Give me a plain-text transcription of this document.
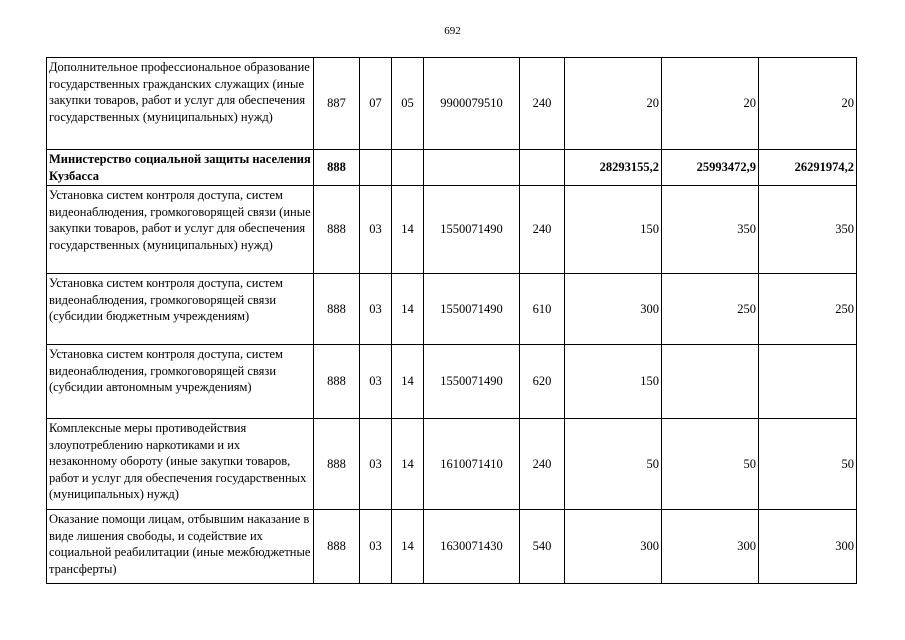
692
Дополнительное профессиональное образование государственных гражданских служащих (иные закупки товаров, работ и услуг для обеспечения государственных (муниципальных) нужд)	887	07	05	9900079510	240	20	20	20
Министерство социальной защиты населения Кузбасса	888					28293155,2	25993472,9	26291974,2
Установка систем контроля доступа, систем видеонаблюдения, громкоговорящей связи (иные закупки товаров, работ и услуг для обеспечения государственных (муниципальных) нужд)	888	03	14	1550071490	240	150	350	350
Установка систем контроля доступа, систем видеонаблюдения, громкоговорящей связи (субсидии бюджетным учреждениям)	888	03	14	1550071490	610	300	250	250
Установка систем контроля доступа, систем видеонаблюдения, громкоговорящей связи (субсидии автономным учреждениям)	888	03	14	1550071490	620	150		
Комплексные меры противодействия злоупотреблению наркотиками и их незаконному обороту (иные закупки товаров, работ и услуг для обеспечения государственных (муниципальных) нужд)	888	03	14	1610071410	240	50	50	50
Оказание помощи лицам, отбывшим наказание в виде лишения свободы, и содействие их социальной реабилитации (иные межбюджетные трансферты)	888	03	14	1630071430	540	300	300	300
